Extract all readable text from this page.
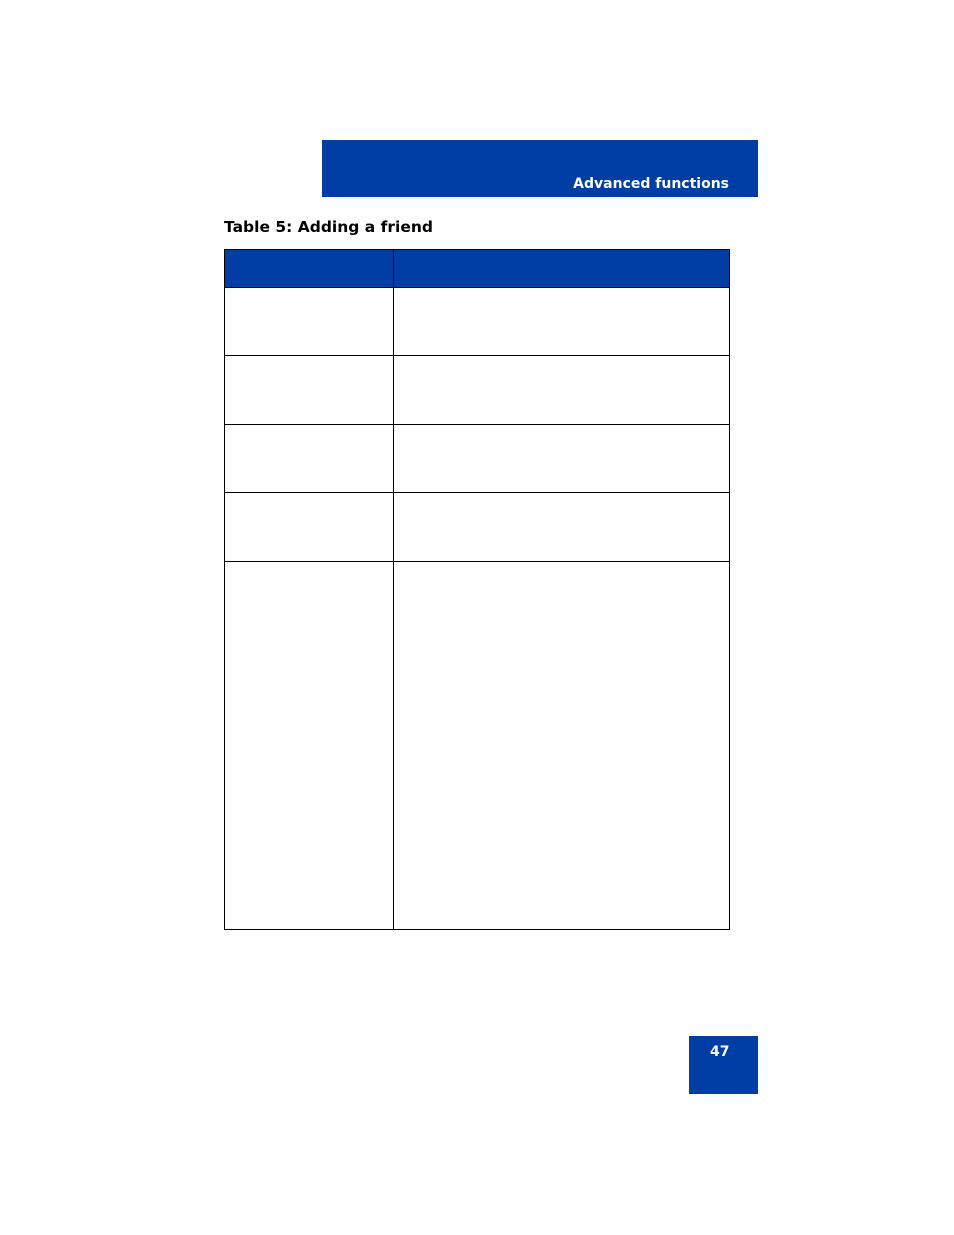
Advanced functions
Table 5: Adding a friend
47
